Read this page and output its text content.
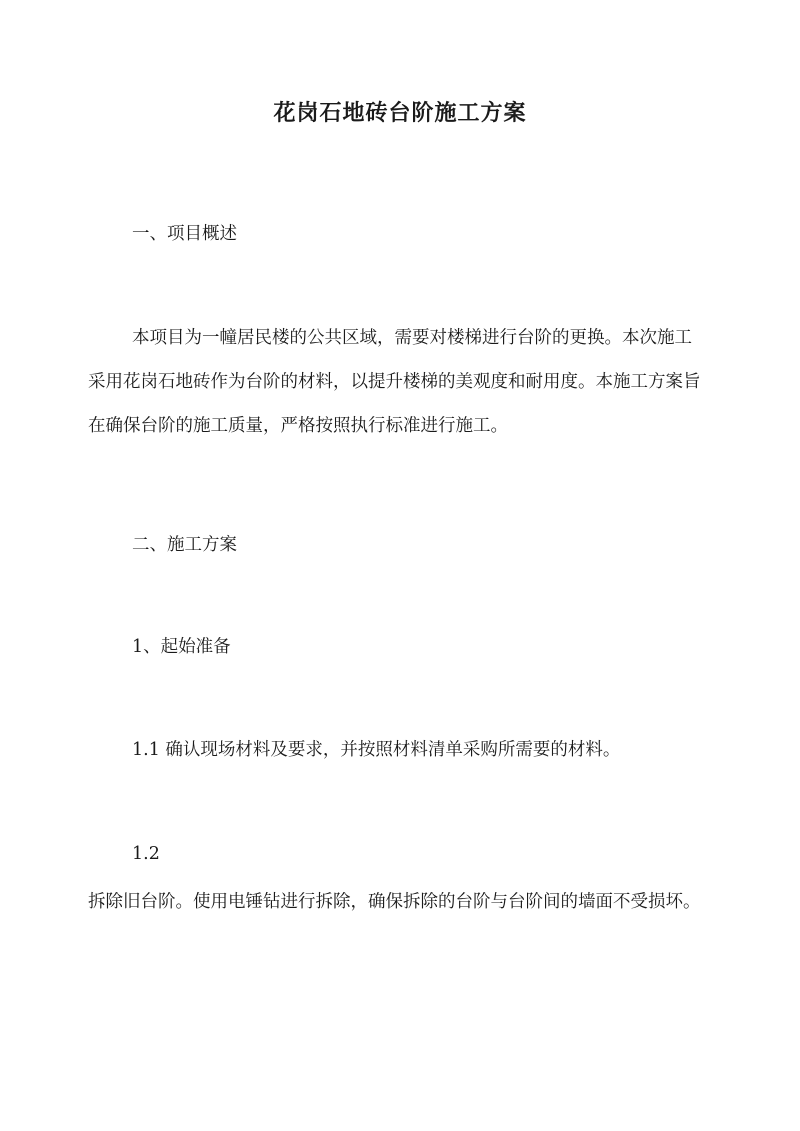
花岗石地砖台阶施工方案

一、项目概述

本项目为一幢居民楼的公共区域，需要对楼梯进行台阶的更换。本次施工采用花岗石地砖作为台阶的材料，以提升楼梯的美观度和耐用度。本施工方案旨在确保台阶的施工质量，严格按照执行标准进行施工。

二、施工方案

1、起始准备

1.1 确认现场材料及要求，并按照材料清单采购所需要的材料。

1.2

拆除旧台阶。使用电锤钻进行拆除，确保拆除的台阶与台阶间的墙面不受损坏。
